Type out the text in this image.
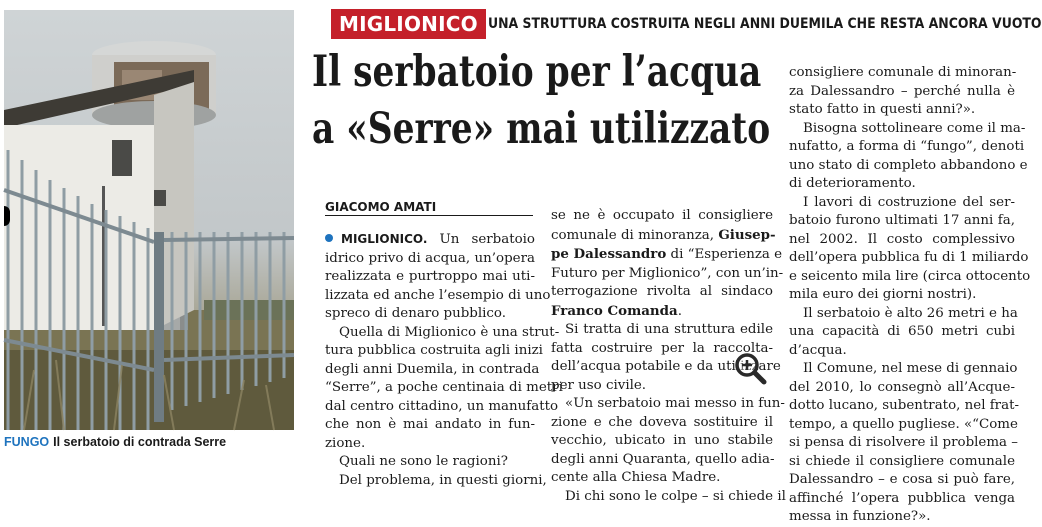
FUNGO Il serbatoio di contrada Serre
MIGLIONICO UNA STRUTTURA COSTRUITA NEGLI ANNI DUEMILA CHE RESTA ANCORA VUOTO
Il serbatoio per l’acqua
a «Serre» mai utilizzato
GIACOMO AMATI
MIGLIONICO. Un serbatoio
idrico privo di acqua, un’opera
realizzata e purtroppo mai uti-
lizzata ed anche l’esempio di uno
spreco di denaro pubblico.
Quella di Miglionico è una strut-
tura pubblica costruita agli inizi
degli anni Duemila, in contrada
“Serre”, a poche centinaia di metri
dal centro cittadino, un manufatto
che non è mai andato in fun-
zione.
Quali ne sono le ragioni?
Del problema, in questi giorni,
se ne è occupato il consigliere
comunale di minoranza, Giusep-
pe Dalessandro di “Esperienza e
Futuro per Miglionico”, con un’in-
terrogazione rivolta al sindaco
Franco Comanda.
Si tratta di una struttura edile
fatta costruire per la raccolta-
dell’acqua potabile e da utilizzare
per uso civile.
«Un serbatoio mai messo in fun-
zione e che doveva sostituire il
vecchio, ubicato in uno stabile
degli anni Quaranta, quello adia-
cente alla Chiesa Madre.
Di chi sono le colpe – si chiede il
consigliere comunale di minoran-
za Dalessandro – perché nulla è
stato fatto in questi anni?».
Bisogna sottolineare come il ma-
nufatto, a forma di “fungo”, denoti
uno stato di completo abbandono e
di deterioramento.
I lavori di costruzione del ser-
batoio furono ultimati 17 anni fa,
nel 2002. Il costo complessivo
dell’opera pubblica fu di 1 miliardo
e seicento mila lire (circa ottocento
mila euro dei giorni nostri).
Il serbatoio è alto 26 metri e ha
una capacità di 650 metri cubi
d’acqua.
Il Comune, nel mese di gennaio
del 2010, lo consegnò all’Acque-
dotto lucano, subentrato, nel frat-
tempo, a quello pugliese. «“Come
si pensa di risolvere il problema –
si chiede il consigliere comunale
Dalessandro – e cosa si può fare,
affinché l’opera pubblica venga
messa in funzione?».
